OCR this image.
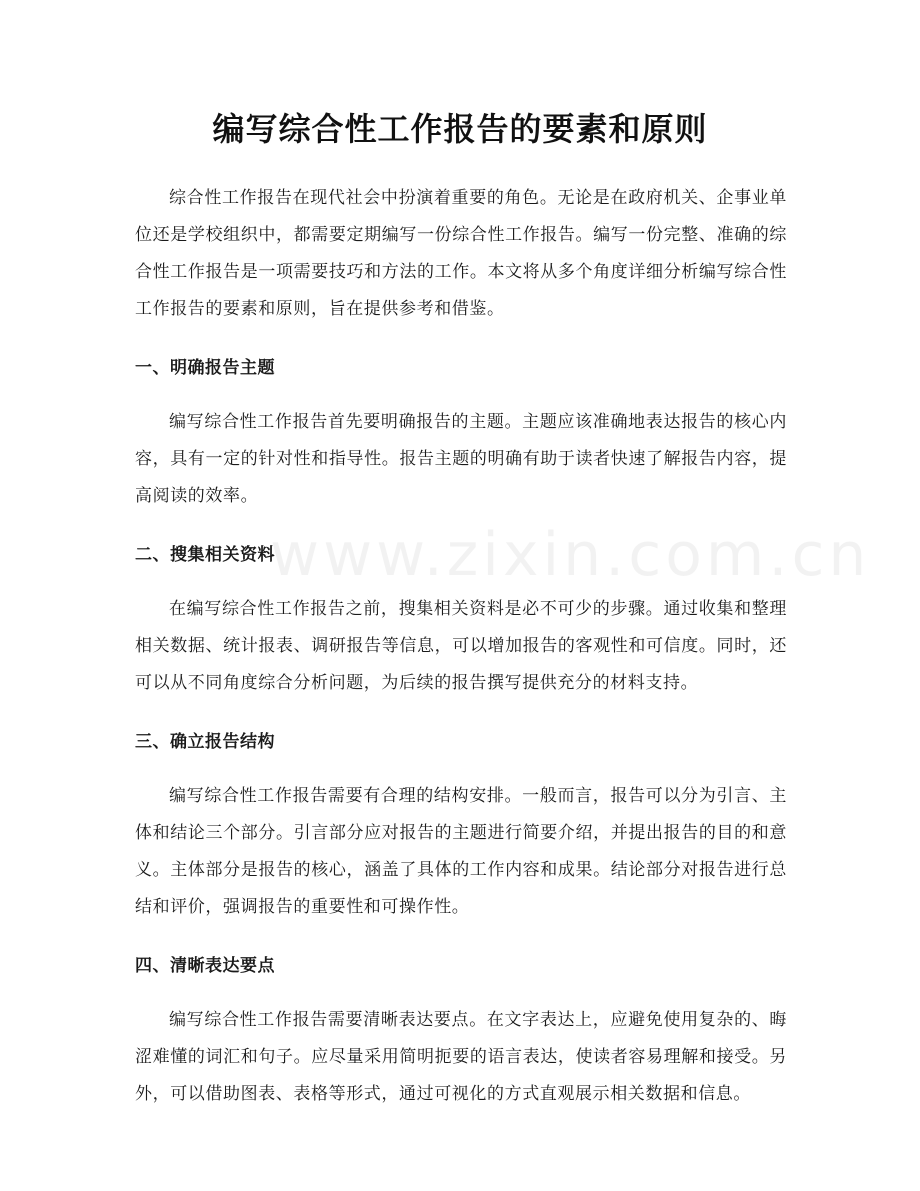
www.zixin.com.cn
编写综合性工作报告的要素和原则

综合性工作报告在现代社会中扮演着重要的角色。无论是在政府机关、企事业单位还是学校组织中，都需要定期编写一份综合性工作报告。编写一份完整、准确的综合性工作报告是一项需要技巧和方法的工作。本文将从多个角度详细分析编写综合性工作报告的要素和原则，旨在提供参考和借鉴。

一、明确报告主题

编写综合性工作报告首先要明确报告的主题。主题应该准确地表达报告的核心内容，具有一定的针对性和指导性。报告主题的明确有助于读者快速了解报告内容，提高阅读的效率。

二、搜集相关资料

在编写综合性工作报告之前，搜集相关资料是必不可少的步骤。通过收集和整理相关数据、统计报表、调研报告等信息，可以增加报告的客观性和可信度。同时，还可以从不同角度综合分析问题，为后续的报告撰写提供充分的材料支持。

三、确立报告结构

编写综合性工作报告需要有合理的结构安排。一般而言，报告可以分为引言、主体和结论三个部分。引言部分应对报告的主题进行简要介绍，并提出报告的目的和意义。主体部分是报告的核心，涵盖了具体的工作内容和成果。结论部分对报告进行总结和评价，强调报告的重要性和可操作性。

四、清晰表达要点

编写综合性工作报告需要清晰表达要点。在文字表达上，应避免使用复杂的、晦涩难懂的词汇和句子。应尽量采用简明扼要的语言表达，使读者容易理解和接受。另外，可以借助图表、表格等形式，通过可视化的方式直观展示相关数据和信息。
